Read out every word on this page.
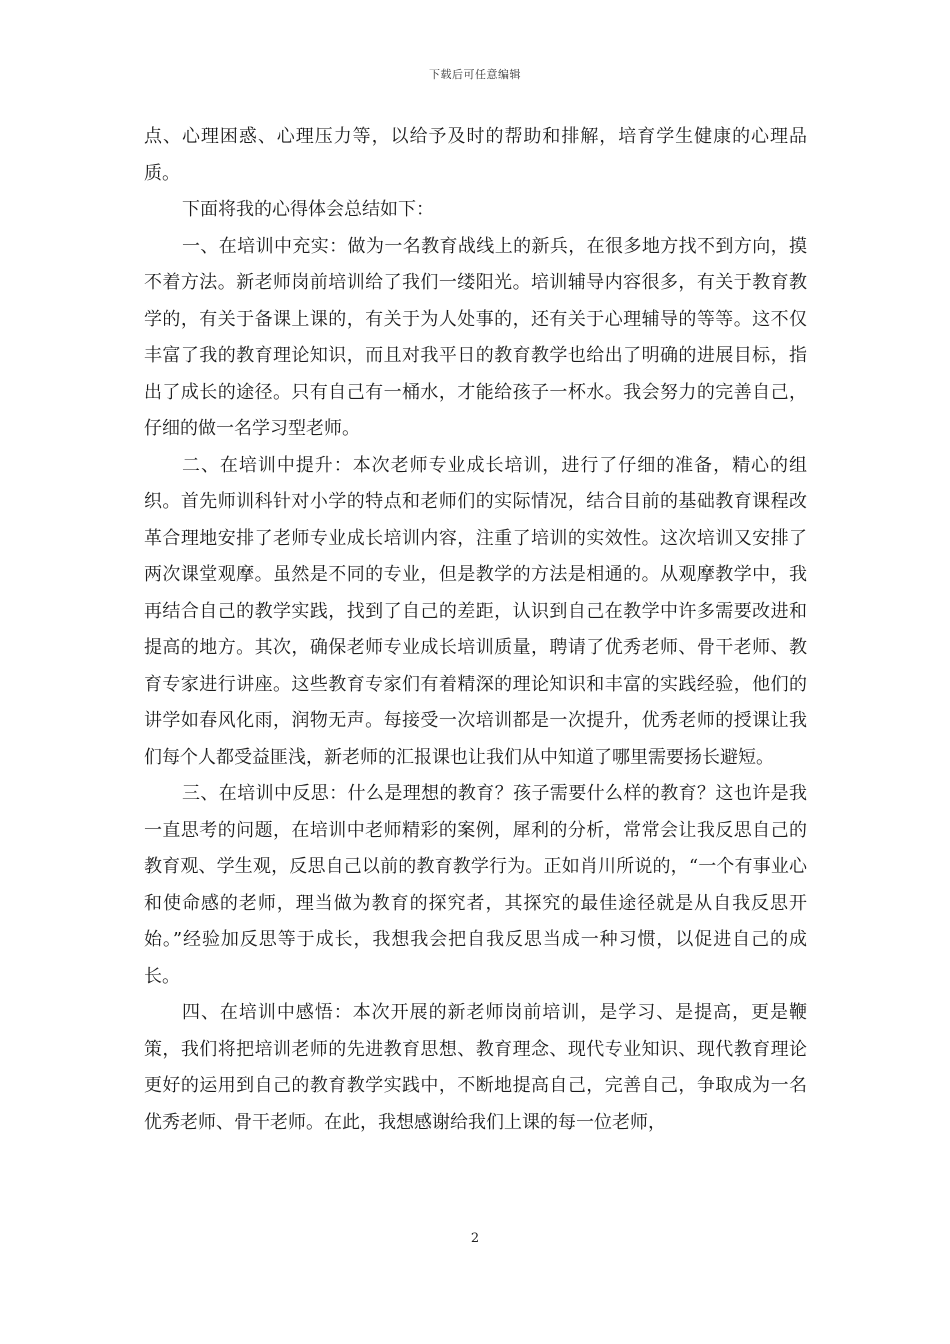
下载后可任意编辑

点、心理困惑、心理压力等，以给予及时的帮助和排解，培育学生健康的心理品质。

下面将我的心得体会总结如下：

一、在培训中充实：做为一名教育战线上的新兵，在很多地方找不到方向，摸不着方法。新老师岗前培训给了我们一缕阳光。培训辅导内容很多，有关于教育教学的，有关于备课上课的，有关于为人处事的，还有关于心理辅导的等等。这不仅丰富了我的教育理论知识，而且对我平日的教育教学也给出了明确的进展目标，指出了成长的途径。只有自己有一桶水，才能给孩子一杯水。我会努力的完善自己，仔细的做一名学习型老师。

二、在培训中提升：本次老师专业成长培训，进行了仔细的准备，精心的组织。首先师训科针对小学的特点和老师们的实际情况，结合目前的基础教育课程改革合理地安排了老师专业成长培训内容，注重了培训的实效性。这次培训又安排了两次课堂观摩。虽然是不同的专业，但是教学的方法是相通的。从观摩教学中，我再结合自己的教学实践，找到了自己的差距，认识到自己在教学中许多需要改进和提高的地方。其次，确保老师专业成长培训质量，聘请了优秀老师、骨干老师、教育专家进行讲座。这些教育专家们有着精深的理论知识和丰富的实践经验，他们的讲学如春风化雨，润物无声。每接受一次培训都是一次提升，优秀老师的授课让我们每个人都受益匪浅，新老师的汇报课也让我们从中知道了哪里需要扬长避短。

三、在培训中反思：什么是理想的教育？孩子需要什么样的教育？这也许是我一直思考的问题，在培训中老师精彩的案例，犀利的分析，常常会让我反思自己的教育观、学生观，反思自己以前的教育教学行为。正如肖川所说的，“一个有事业心和使命感的老师，理当做为教育的探究者，其探究的最佳途径就是从自我反思开始。”经验加反思等于成长，我想我会把自我反思当成一种习惯，以促进自己的成长。

四、在培训中感悟：本次开展的新老师岗前培训，是学习、是提高，更是鞭策，我们将把培训老师的先进教育思想、教育理念、现代专业知识、现代教育理论更好的运用到自己的教育教学实践中，不断地提高自己，完善自己，争取成为一名优秀老师、骨干老师。在此，我想感谢给我们上课的每一位老师，

2
